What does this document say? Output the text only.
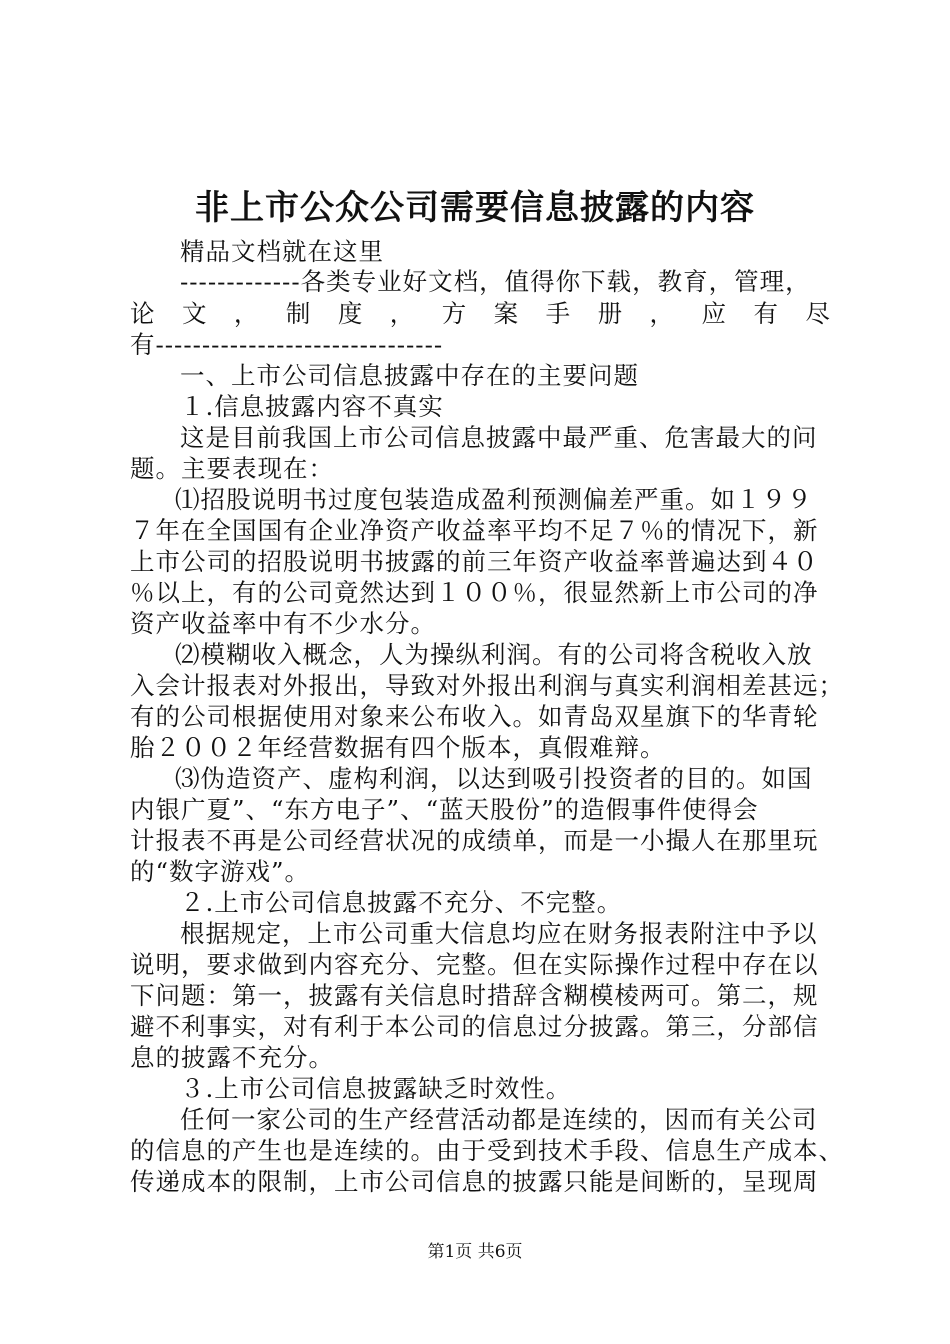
非上市公众公司需要信息披露的内容
精品文档就在这里
-------------各类专业好文档，值得你下载，教育，管理，
论 文 ， 制 度 ， 方 案 手 册 ， 应 有 尽
有-------------------------------
一、上市公司信息披露中存在的主要问题
１.信息披露内容不真实
这是目前我国上市公司信息披露中最严重、危害最大的问
题。主要表现在：
⑴招股说明书过度包装造成盈利预测偏差严重。如１９９
７年在全国国有企业净资产收益率平均不足７％的情况下，新
上市公司的招股说明书披露的前三年资产收益率普遍达到４０
％以上，有的公司竟然达到１００％，很显然新上市公司的净
资产收益率中有不少水分。
⑵模糊收入概念，人为操纵利润。有的公司将含税收入放
入会计报表对外报出，导致对外报出利润与真实利润相差甚远；
有的公司根据使用对象来公布收入。如青岛双星旗下的华青轮
胎２００２年经营数据有四个版本，真假难辩。
⑶伪造资产、虚构利润，以达到吸引投资者的目的。如国
内银广夏”、“东方电子”、“蓝天股份”的造假事件使得会
计报表不再是公司经营状况的成绩单，而是一小撮人在那里玩
的“数字游戏”。
２.上市公司信息披露不充分、不完整。
根据规定，上市公司重大信息均应在财务报表附注中予以
说明，要求做到内容充分、完整。但在实际操作过程中存在以
下问题：第一，披露有关信息时措辞含糊模棱两可。第二，规
避不利事实，对有利于本公司的信息过分披露。第三，分部信
息的披露不充分。
３.上市公司信息披露缺乏时效性。
任何一家公司的生产经营活动都是连续的，因而有关公司
的信息的产生也是连续的。由于受到技术手段、信息生产成本、
传递成本的限制，上市公司信息的披露只能是间断的，呈现周
第1页 共6页
